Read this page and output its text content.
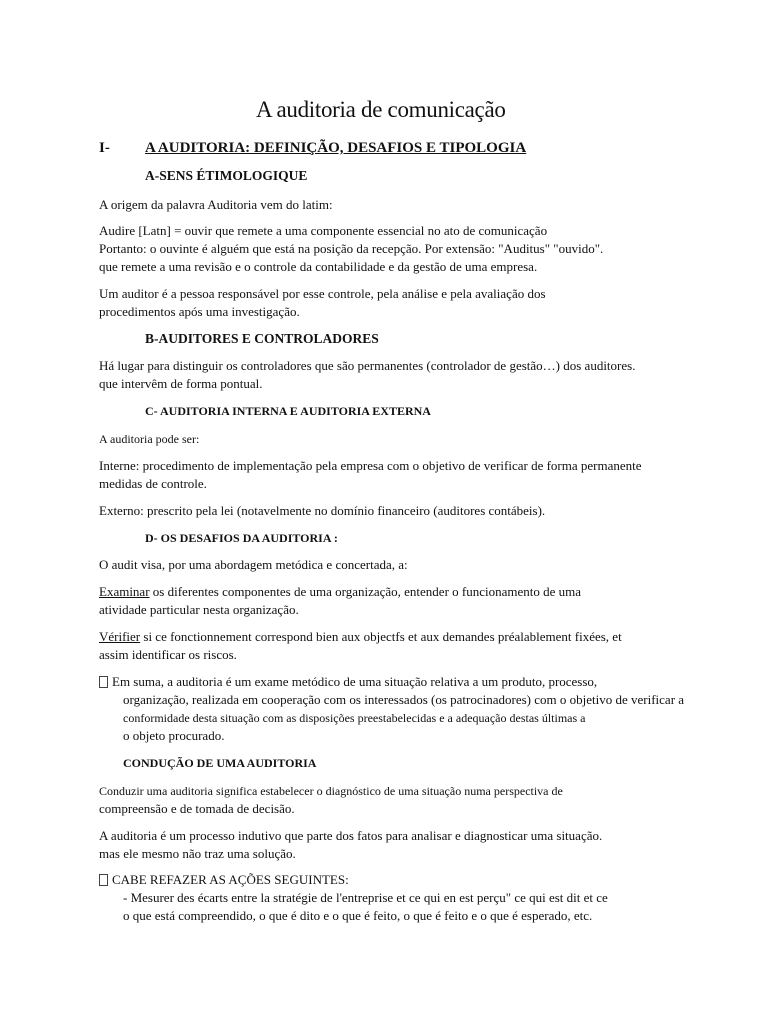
A auditoria de comunicação
I- A AUDITORIA: DEFINIÇÃO, DESAFIOS E TIPOLOGIA
A-SENS ÉTIMOLOGIQUE
A origem da palavra Auditoria vem do latim:
Audire [Latn] = ouvir que remete a uma componente essencial no ato de comunicação
Portanto: o ouvinte é alguém que está na posição da recepção. Por extensão: "Auditus" "ouvido".
que remete a uma revisão e o controle da contabilidade e da gestão de uma empresa.
Um auditor é a pessoa responsável por esse controle, pela análise e pela avaliação dos
procedimentos após uma investigação.
B-AUDITORES E CONTROLADORES
Há lugar para distinguir os controladores que são permanentes (controlador de gestão…) dos auditores.
que intervêm de forma pontual.
C- AUDITORIA INTERNA E AUDITORIA EXTERNA
A auditoria pode ser:
Interne: procedimento de implementação pela empresa com o objetivo de verificar de forma permanente
medidas de controle.
Externo: prescrito pela lei (notavelmente no domínio financeiro (auditores contábeis).
D- OS DESAFIOS DA AUDITORIA :
O audit visa, por uma abordagem metódica e concertada, a:
Examinar os diferentes componentes de uma organização, entender o funcionamento de uma
atividade particular nesta organização.
Vérifier si ce fonctionnement correspond bien aux objectfs et aux demandes préalablement fixées, et
assim identificar os riscos.
Em suma, a auditoria é um exame metódico de uma situação relativa a um produto, processo,
organização, realizada em cooperação com os interessados (os patrocinadores) com o objetivo de verificar a
conformidade desta situação com as disposições preestabelecidas e a adequação destas últimas a
o objeto procurado.
CONDUÇÃO DE UMA AUDITORIA
Conduzir uma auditoria significa estabelecer o diagnóstico de uma situação numa perspectiva de
compreensão e de tomada de decisão.
A auditoria é um processo indutivo que parte dos fatos para analisar e diagnosticar uma situação.
mas ele mesmo não traz uma solução.
CABE REFAZER AS AÇÕES SEGUINTES:
- Mesurer des écarts entre la stratégie de l'entreprise et ce qui en est perçu" ce qui est dit et ce
o que está compreendido, o que é dito e o que é feito, o que é feito e o que é esperado, etc.
